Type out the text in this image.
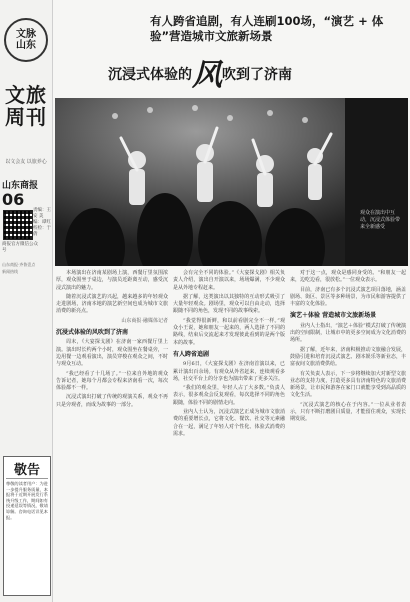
文脉
山东
文旅
周刊
以文会友 以旅养心
山东商报
06
责编：王安 美编：谭红 校检：于倩
商报官方微信公众号
山东商报·齐鲁壹点
新闻热线
敬告
尊敬的读者用户：为进一步提升服务质量，本报将于近期开展发行系统升级工作，期间如有投递延误等情况，敬请谅解。咨询电话详见本报。
有人跨省追剧，有人连刷100场，“演艺 + 体验”营造城市文旅新场景
沉浸式体验的风吹到了济南
观众在演出中互动，沉浸式体验带来全新感受

本场演出在济南某剧场上演，西餐厅里氛围浓厚，观众围坐于桌边，与演员近距离互动，感受沉浸式演出的魅力。

随着沉浸式演艺的兴起，越来越多的年轻观众走进剧场，济南本地的演艺新空间也成为城市文旅消费的新亮点。

山东商报·融媒体记者

沉浸式体验的风吹到了济南

周末，《大宴探戈剧》在济南一家西餐厅里上演。演出时长约两个小时，观众围坐在餐桌旁，一边用餐一边观看演出，演员穿梭在观众之间，不时与观众互动。

“我已经看了十几场了。”一位来自外地的观众告诉记者，她每个月都会专程来济南看一次，每次体验都不一样。

沉浸式演出打破了传统的观演关系，观众不再只是旁观者，而成为故事的一部分。

会有完全不同的体验。”《大宴探戈剧》相关负责人介绍，演出自开演以来，场场爆满，不少观众是从外地专程赶来。

据了解，这类演出以其独特的互动形式吸引了大量年轻观众。剧场里，观众可以自由走动，选择跟随不同的角色，发现不同的故事线索。

“我觉得很新鲜，和以前看剧完全不一样。”观众小王说，她和朋友一起来的，两人选择了不同的路线，结束后交流起来才发现彼此看到的是两个版本的故事。

有人跨省追剧

9月6日，《大宴探戈剧》在济南首演以来，已累计演出百余场。有观众从外省赶来，连续观看多场，社交平台上的分享也为演出带来了更多关注。

“我们的观众里，年轻人占了大多数。”负责人表示，很多观众会反复观看，每次选择不同的角色跟随，体验不同的剧情走向。

业内人士认为，沉浸式演艺正成为城市文旅消费的重要增长点，它将文化、餐饮、社交等元素融合在一起，满足了年轻人对个性化、体验式消费的需求。

对于这一点，观众是感同身受的。“和朋友一起来，边吃边看，很放松。”一位观众表示。

目前，济南已有多个沉浸式演艺项目落地，涵盖剧场、街区、景区等多种场景，为市民和游客提供了丰富的文化体验。

演艺＋体验 营造城市文旅新场景

业内人士指出，“演艺＋体验”模式打破了传统演出的空间限制，让城市中的更多空间成为文化消费的场所。

据了解，近年来，济南积极推动文旅融合发展，鼓励引进和培育沉浸式演艺、剧本娱乐等新业态，丰富夜间文旅消费供给。

有关负责人表示，下一步将继续加大对新型文旅业态的支持力度，打造更多具有济南特色的文旅消费新场景，让市民和游客在家门口就能享受到高品质的文化生活。

“沉浸式演艺的核心在于内容。”一位从业者表示，只有不断打磨剧目质量，才能留住观众，实现长期发展。
